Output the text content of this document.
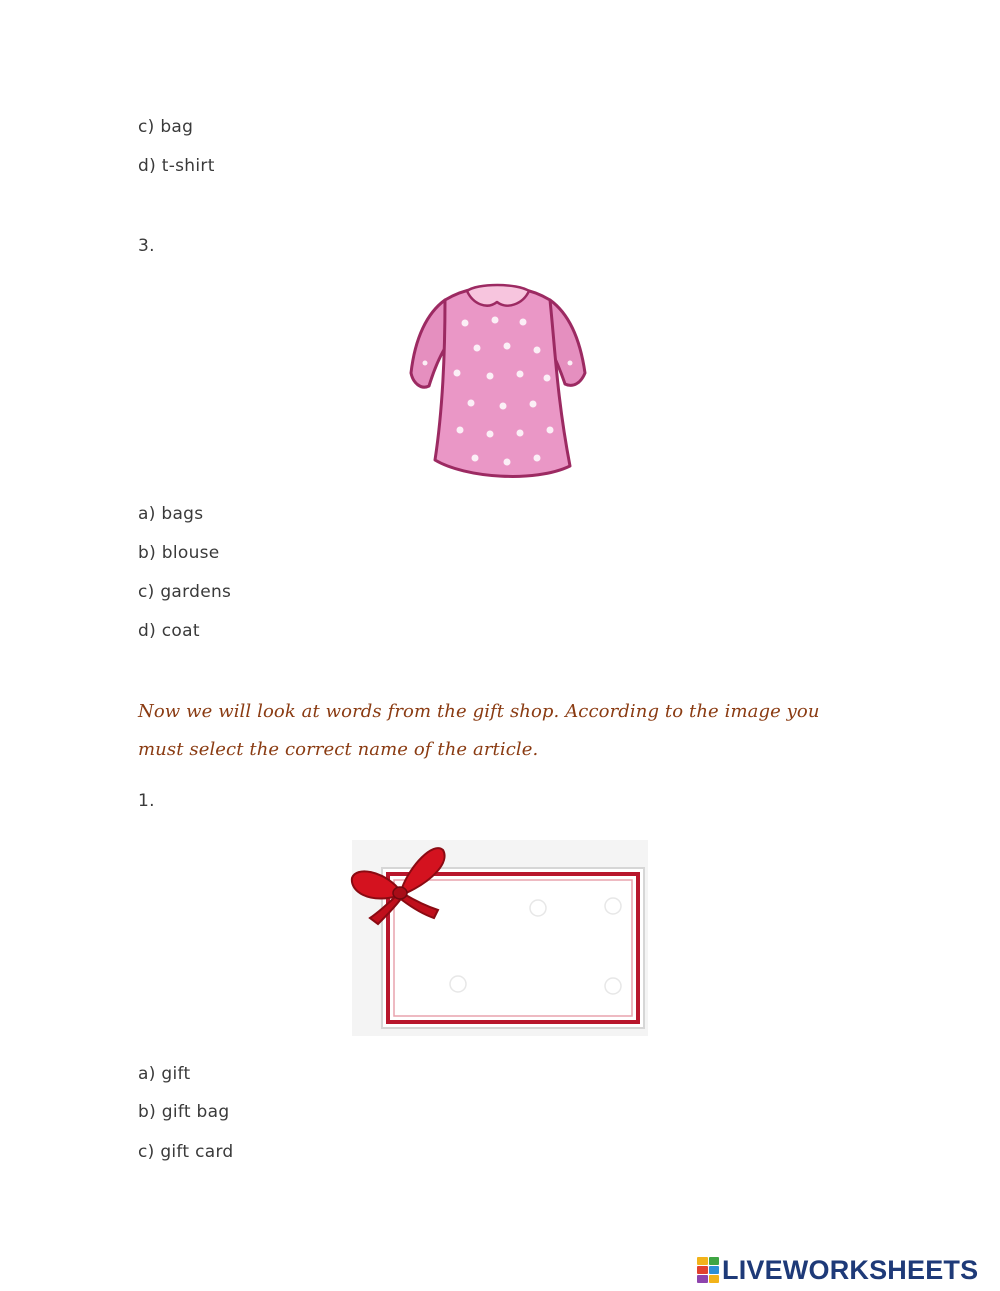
c) bag
d) t-shirt
3.
a) bags
b) blouse
c) gardens
d) coat
Now we will look at words from the gift shop. According to the image you
must select the correct name of the article.
1.
a) gift
b) gift bag
c) gift card
LIVEWORKSHEETS
